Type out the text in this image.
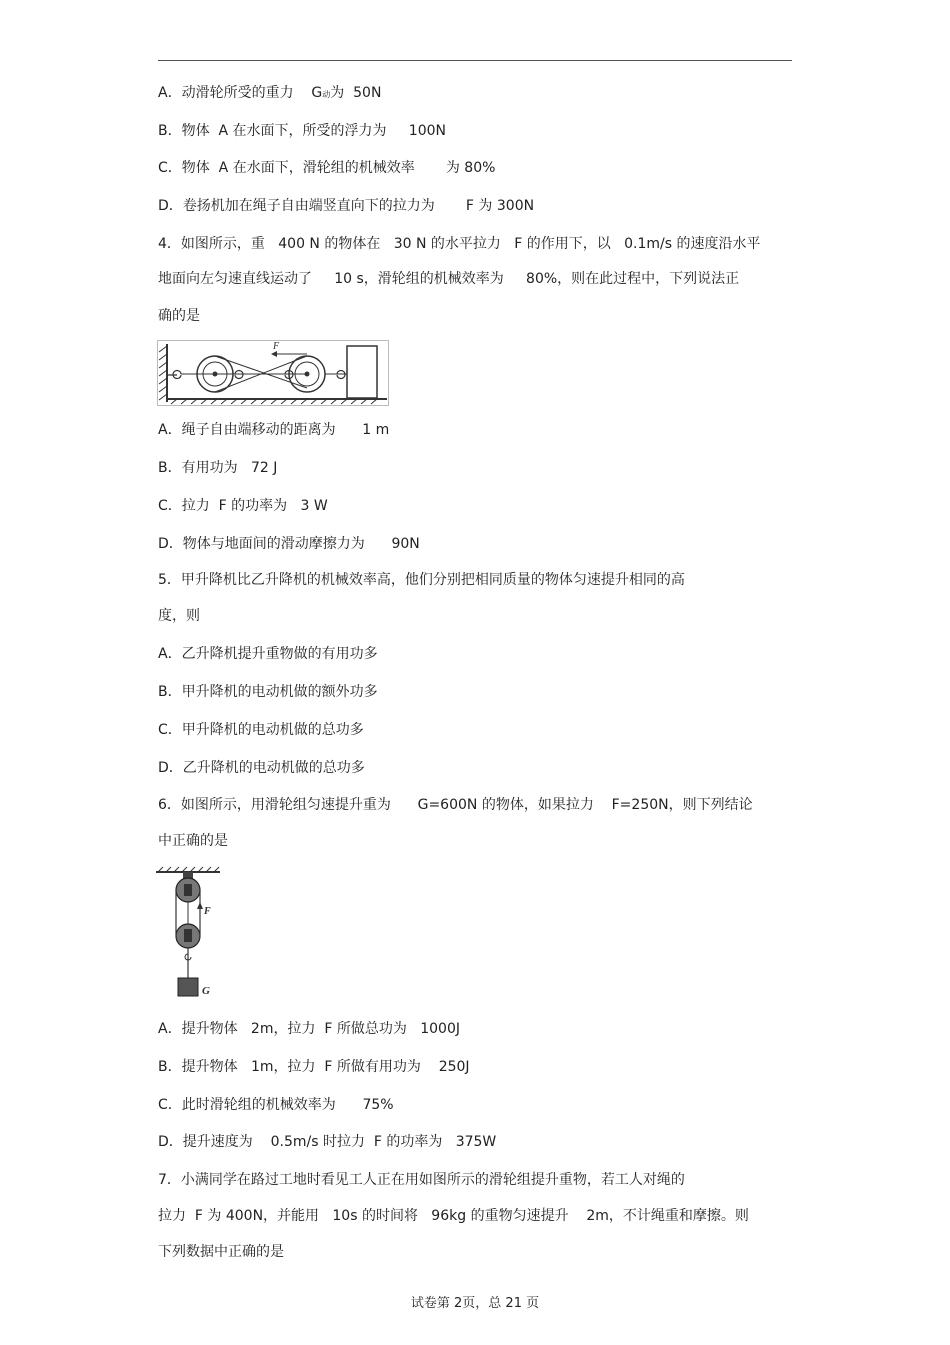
A．动滑轮所受的重力    G动为  50N
B．物体  A 在水面下，所受的浮力为     100N
C．物体  A 在水面下，滑轮组的机械效率       为 80%
D．卷扬机加在绳子自由端竖直向下的拉力为       F 为 300N
4．如图所示，重   400 N 的物体在   30 N 的水平拉力   F 的作用下，以   0.1m/s 的速度沿水平
地面向左匀速直线运动了     10 s，滑轮组的机械效率为     80%，则在此过程中，下列说法正
确的是
F
A．绳子自由端移动的距离为      1 m
B．有用功为   72 J
C．拉力  F 的功率为   3 W
D．物体与地面间的滑动摩擦力为      90N
5．甲升降机比乙升降机的机械效率高，他们分别把相同质量的物体匀速提升相同的高
度，则
A．乙升降机提升重物做的有用功多
B．甲升降机的电动机做的额外功多
C．甲升降机的电动机做的总功多
D．乙升降机的电动机做的总功多
6．如图所示，用滑轮组匀速提升重为      G=600N 的物体，如果拉力    F=250N，则下列结论
中正确的是
F
G
A．提升物体   2m，拉力  F 所做总功为   1000J
B．提升物体   1m，拉力  F 所做有用功为    250J
C．此时滑轮组的机械效率为      75%
D．提升速度为    0.5m/s 时拉力  F 的功率为   375W
7．小满同学在路过工地时看见工人正在用如图所示的滑轮组提升重物，若工人对绳的
拉力  F 为 400N，并能用   10s 的时间将   96kg 的重物匀速提升    2m，不计绳重和摩擦。则
下列数据中正确的是
试卷第 2页，总 21 页
